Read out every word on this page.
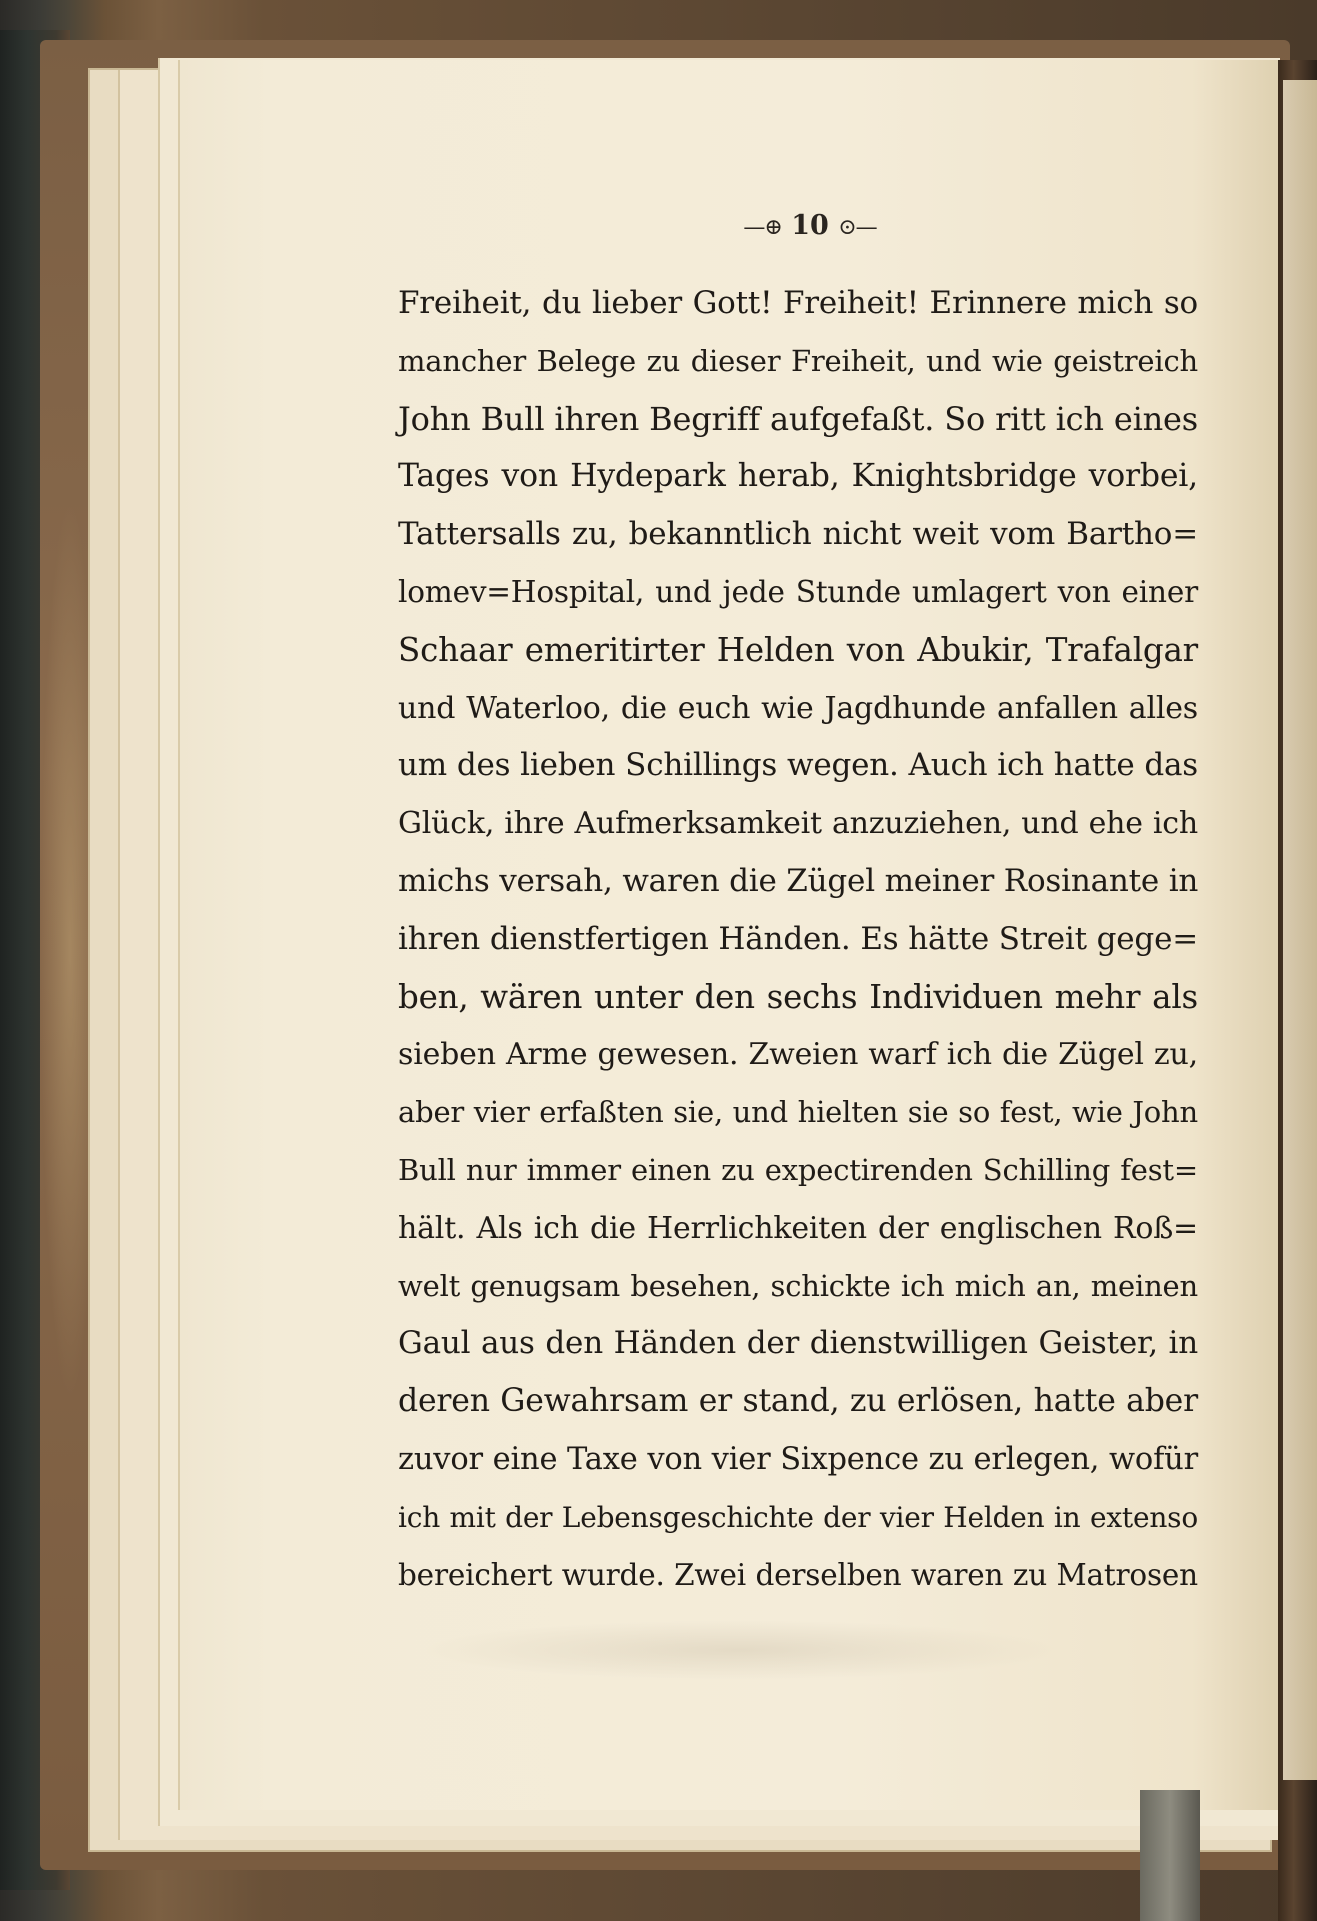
—⊕ 10 ⊙—
Freiheit, du lieber Gott! Freiheit! Erinnere mich so
mancher Belege zu dieser Freiheit, und wie geistreich
John Bull ihren Begriff aufgefaßt. So ritt ich eines
Tages von Hydepark herab, Knightsbridge vorbei,
Tattersalls zu, bekanntlich nicht weit vom Bartho=
lomev=Hospital, und jede Stunde umlagert von einer
Schaar emeritirter Helden von Abukir, Trafalgar
und Waterloo, die euch wie Jagdhunde anfallen alles
um des lieben Schillings wegen. Auch ich hatte das
Glück, ihre Aufmerksamkeit anzuziehen, und ehe ich
michs versah, waren die Zügel meiner Rosinante in
ihren dienstfertigen Händen. Es hätte Streit gege=
ben, wären unter den sechs Individuen mehr als
sieben Arme gewesen. Zweien warf ich die Zügel zu,
aber vier erfaßten sie, und hielten sie so fest, wie John
Bull nur immer einen zu expectirenden Schilling fest=
hält. Als ich die Herrlichkeiten der englischen Roß=
welt genugsam besehen, schickte ich mich an, meinen
Gaul aus den Händen der dienstwilligen Geister, in
deren Gewahrsam er stand, zu erlösen, hatte aber
zuvor eine Taxe von vier Sixpence zu erlegen, wofür
ich mit der Lebensgeschichte der vier Helden in extenso
bereichert wurde. Zwei derselben waren zu Matrosen
